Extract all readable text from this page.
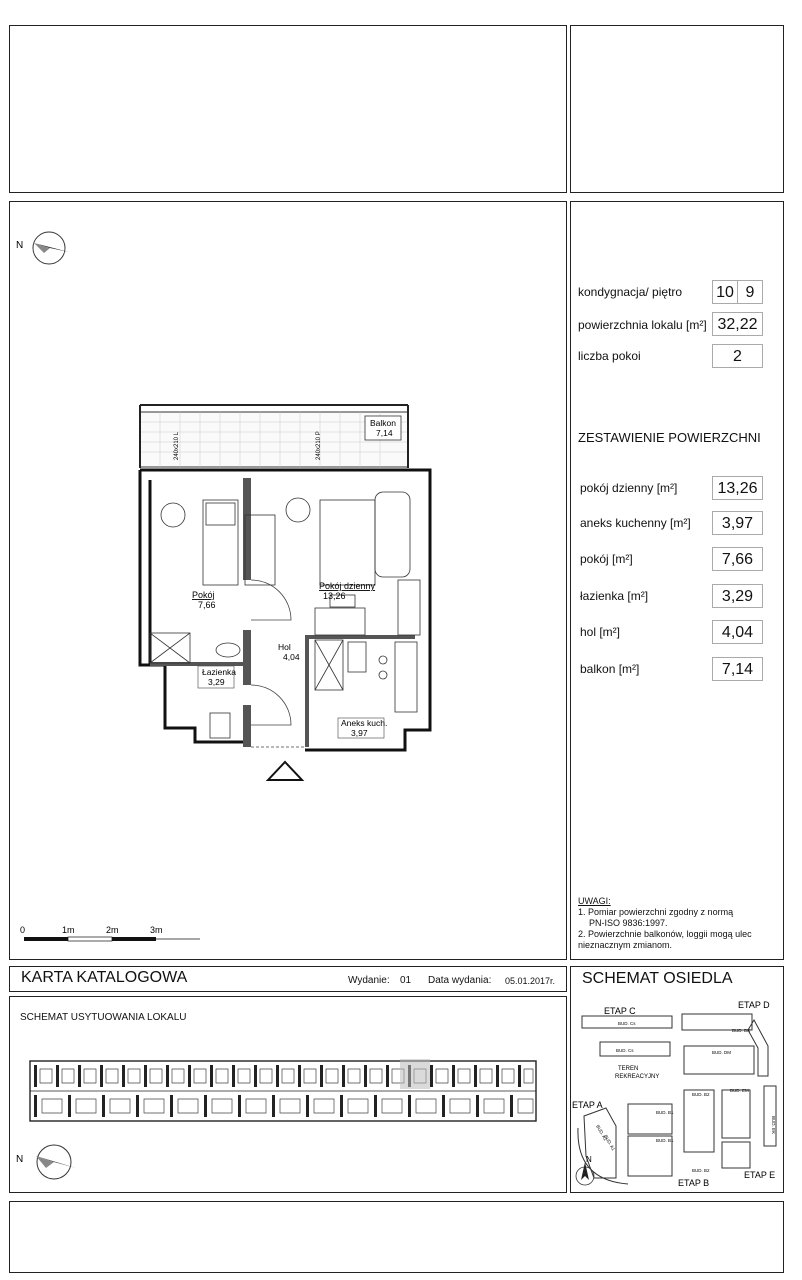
kondygnacja/ piętro 10 9
powierzchnia lokalu [m²] 32,22
liczba pokoi	2
ZESTAWIENIE POWIERZCHNI
pokój dzienny [m²]	13,26
aneks kuchenny [m²]	3,97
pokój [m²]	7,66
łazienka [m²]	3,29
hol [m²]	4,04
balkon [m²]	7,14
UWAGI:
1. Pomiar powierzchni zgodny z normą
PN-ISO 9836:1997.
2. Powierzchnie balkonów, loggii mogą ulec
nieznacznym zmianom.
N
Balkon
7,14
240x210 L	240x210 P
Pokój
7,66
Pokój dzienny
13,26
Łazienka
3,29
Hol
4,04
Aneks kuch.
3,97
0	1m	2m	3m
KARTA KATALOGOWA	Wydanie: 01 Data wydania: 05.01.2017r.
SCHEMAT USYTUOWANIA LOKALU
N
SCHEMAT OSIEDLA
ETAP C
ETAP D
ETAP A
ETAP B
ETAP E
TEREN
REKREACYJNY
BUD. Cs
BUD. Cs
BUD. DK
BUD. DM
BUD. B1
BUD. B1
BUD. B2
BUD. B2
BUD. EM
BUD. EK
BUD. A1
BUD. A1
N
